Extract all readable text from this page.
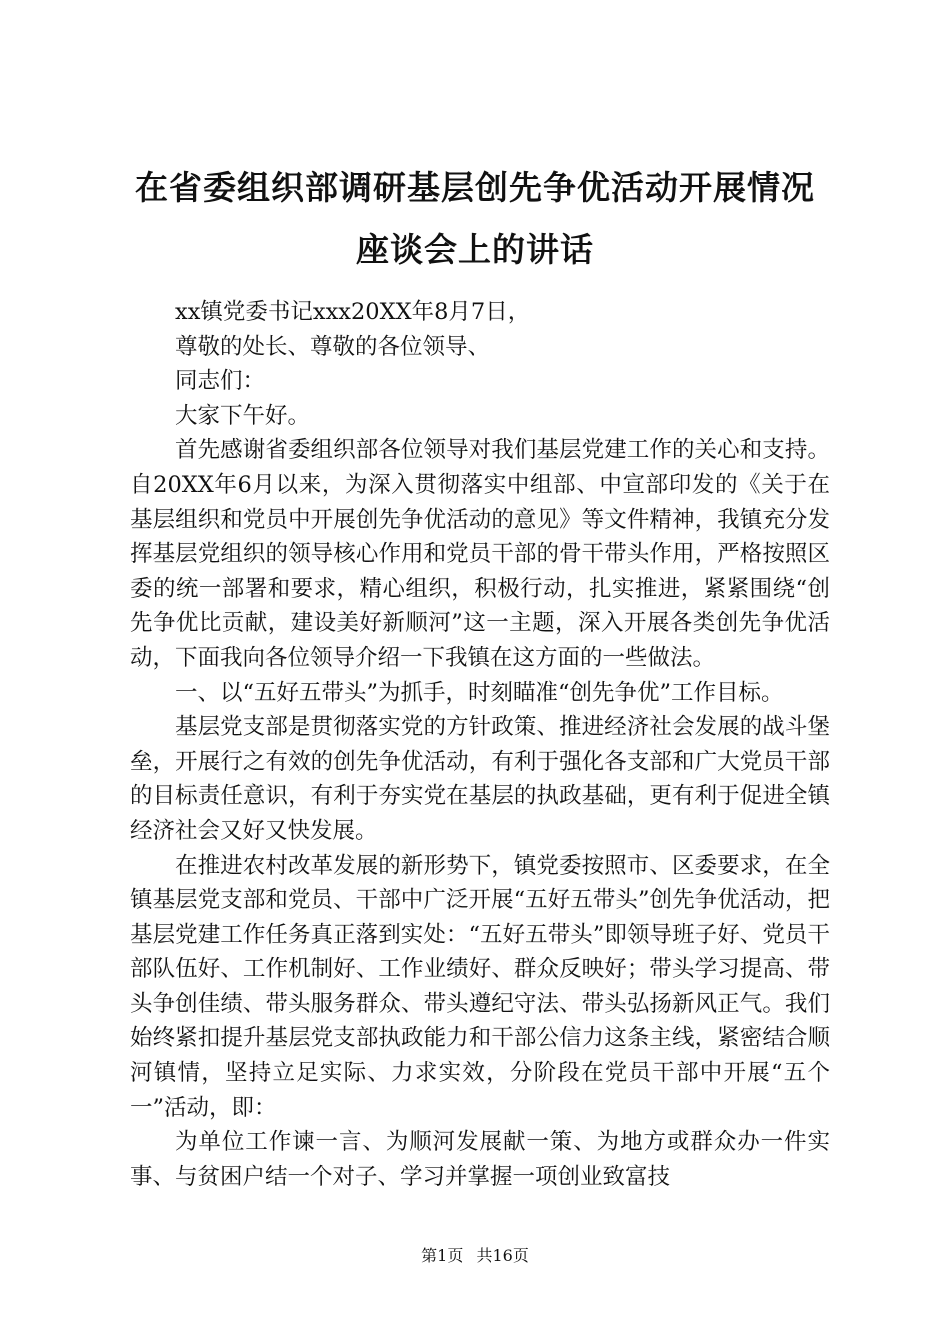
在省委组织部调研基层创先争优活动开展情况
座谈会上的讲话

xx镇党委书记xxx20XX年8月7日，

尊敬的处长、尊敬的各位领导、

同志们：

大家下午好。

首先感谢省委组织部各位领导对我们基层党建工作的关心和支持。自20XX年6月以来，为深入贯彻落实中组部、中宣部印发的《关于在基层组织和党员中开展创先争优活动的意见》等文件精神，我镇充分发挥基层党组织的领导核心作用和党员干部的骨干带头作用，严格按照区委的统一部署和要求，精心组织，积极行动，扎实推进，紧紧围绕“创先争优比贡献，建设美好新顺河”这一主题，深入开展各类创先争优活动，下面我向各位领导介绍一下我镇在这方面的一些做法。

一、以“五好五带头”为抓手，时刻瞄准“创先争优”工作目标。

基层党支部是贯彻落实党的方针政策、推进经济社会发展的战斗堡垒，开展行之有效的创先争优活动，有利于强化各支部和广大党员干部的目标责任意识，有利于夯实党在基层的执政基础，更有利于促进全镇经济社会又好又快发展。

在推进农村改革发展的新形势下，镇党委按照市、区委要求，在全镇基层党支部和党员、干部中广泛开展“五好五带头”创先争优活动，把基层党建工作任务真正落到实处：“五好五带头”即领导班子好、党员干部队伍好、工作机制好、工作业绩好、群众反映好；带头学习提高、带头争创佳绩、带头服务群众、带头遵纪守法、带头弘扬新风正气。我们始终紧扣提升基层党支部执政能力和干部公信力这条主线，紧密结合顺河镇情，坚持立足实际、力求实效，分阶段在党员干部中开展“五个一”活动，即：

为单位工作谏一言、为顺河发展献一策、为地方或群众办一件实事、与贫困户结一个对子、学习并掌握一项创业致富技

第1页 共16页
